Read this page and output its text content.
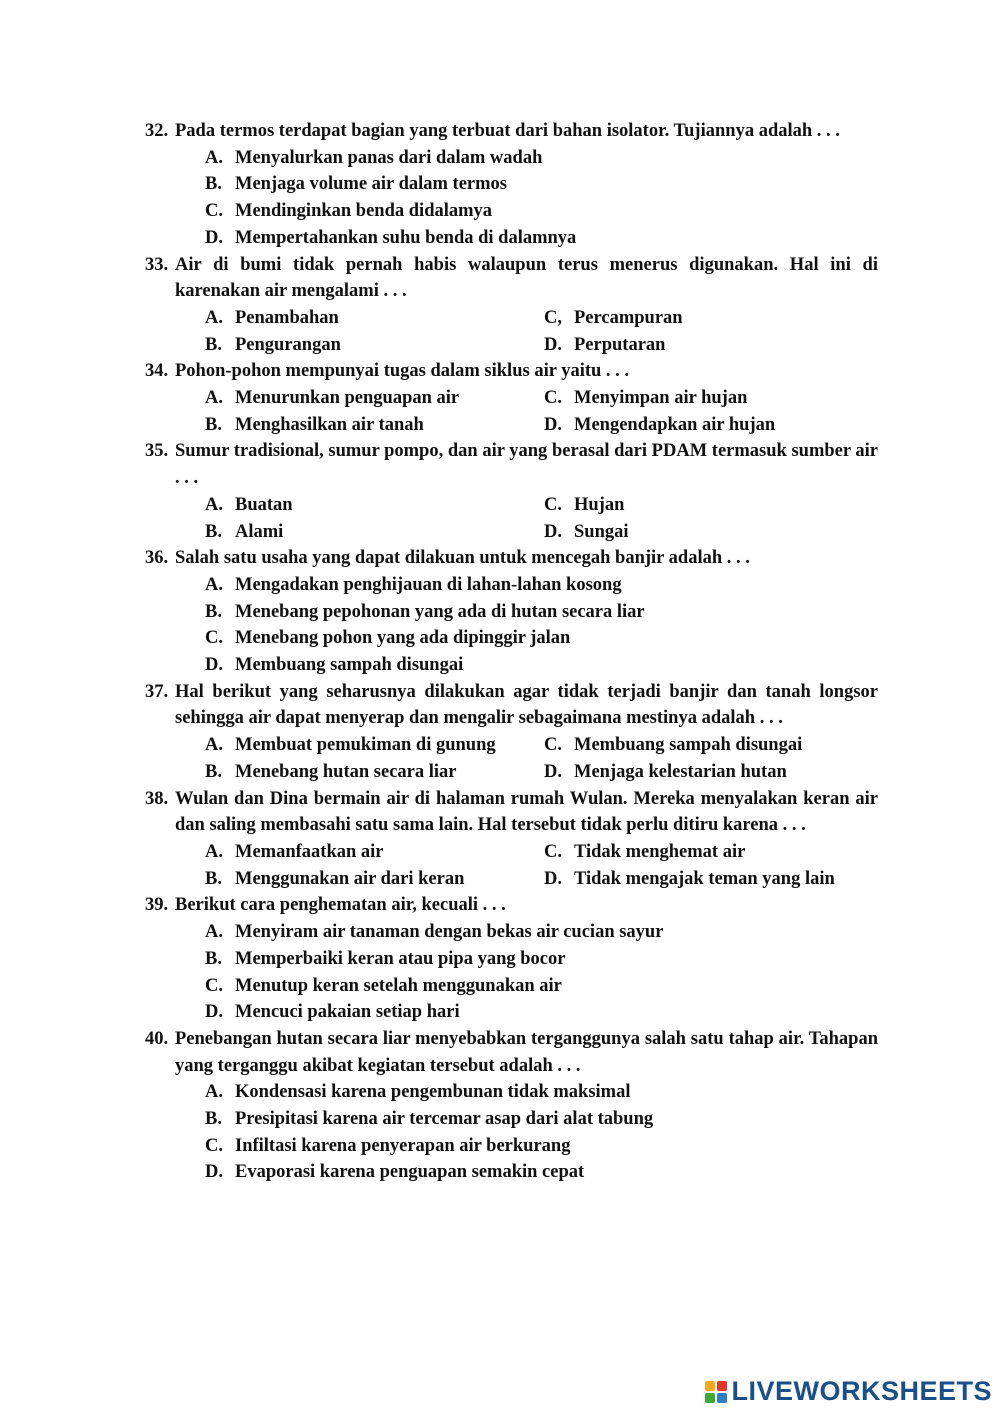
32. Pada termos terdapat bagian yang terbuat dari bahan isolator. Tujiannya adalah . . .
A. Menyalurkan panas dari dalam wadah
B. Menjaga volume air dalam termos
C. Mendinginkan benda didalamya
D. Mempertahankan suhu benda di dalamnya
33. Air di bumi tidak pernah habis walaupun terus menerus digunakan. Hal ini di karenakan air mengalami . . .
A. Penambahan	C, Percampuran
B. Pengurangan	D. Perputaran
34. Pohon-pohon mempunyai tugas dalam siklus air yaitu . . .
A. Menurunkan penguapan air	C. Menyimpan air hujan
B. Menghasilkan air tanah	D. Mengendapkan air hujan
35. Sumur tradisional, sumur pompo, dan air yang berasal dari PDAM termasuk sumber air . . .
A. Buatan	C. Hujan
B. Alami	D. Sungai
36. Salah satu usaha yang dapat dilakuan untuk mencegah banjir adalah . . .
A. Mengadakan penghijauan di lahan-lahan kosong
B. Menebang pepohonan yang ada di hutan secara liar
C. Menebang pohon yang ada dipinggir jalan
D. Membuang sampah disungai
37. Hal berikut yang seharusnya dilakukan agar tidak terjadi banjir dan tanah longsor sehingga air dapat menyerap dan mengalir sebagaimana mestinya adalah . . .
A. Membuat pemukiman di gunung	C. Membuang sampah disungai
B. Menebang hutan secara liar	D. Menjaga kelestarian hutan
38. Wulan dan Dina bermain air di halaman rumah Wulan. Mereka menyalakan keran air dan saling membasahi satu sama lain. Hal tersebut tidak perlu ditiru karena . . .
A. Memanfaatkan air	C. Tidak menghemat air
B. Menggunakan air dari keran	D. Tidak mengajak teman yang lain
39. Berikut cara penghematan air, kecuali . . .
A. Menyiram air tanaman dengan bekas air cucian sayur
B. Memperbaiki keran atau pipa yang bocor
C. Menutup keran setelah menggunakan air
D. Mencuci pakaian setiap hari
40. Penebangan hutan secara liar menyebabkan terganggunya salah satu tahap air. Tahapan yang terganggu akibat kegiatan tersebut adalah . . .
A. Kondensasi karena pengembunan tidak maksimal
B. Presipitasi karena air tercemar asap dari alat tabung
C. Infiltasi karena penyerapan air berkurang
D. Evaporasi karena penguapan semakin cepat
LIVEWORKSHEETS
